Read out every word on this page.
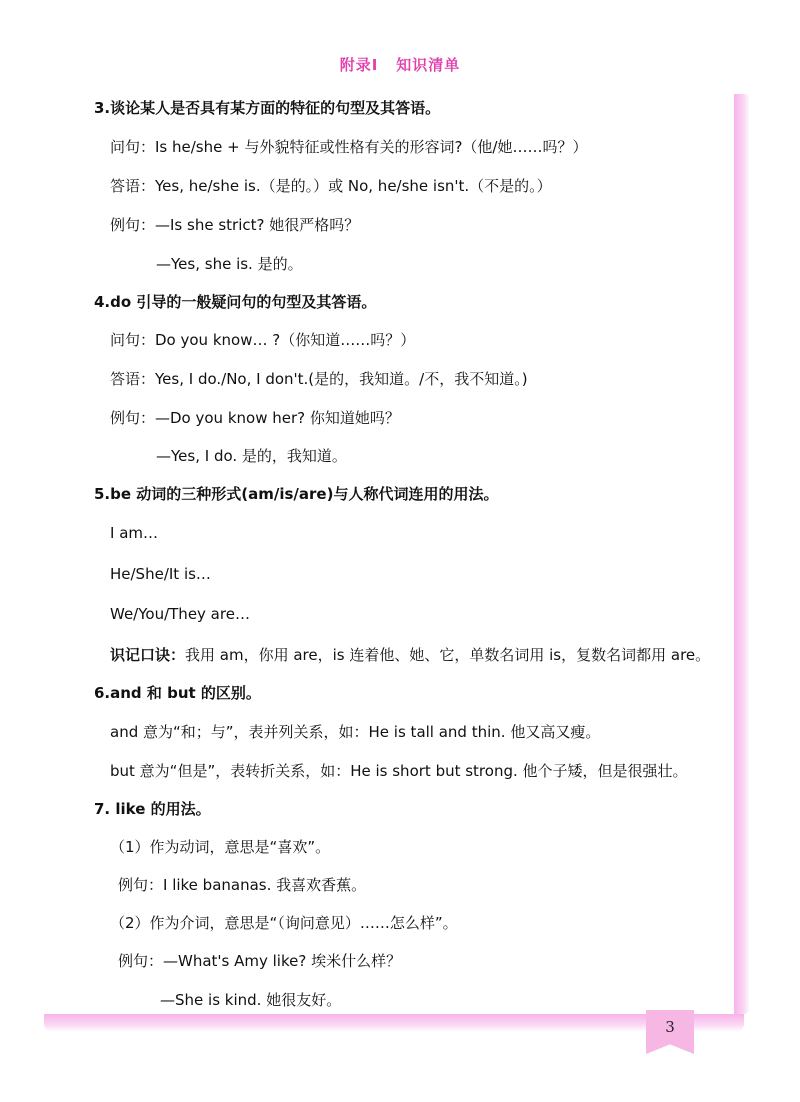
附录Ⅰ 知识清单
3.谈论某人是否具有某方面的特征的句型及其答语。
问句：Is he/she + 与外貌特征或性格有关的形容词?（他/她……吗？）
答语：Yes, he/she is.（是的。）或 No, he/she isn't.（不是的。）
例句：—Is she strict? 她很严格吗？
—Yes, she is. 是的。
4.do 引导的一般疑问句的句型及其答语。
问句：Do you know… ?（你知道……吗？）
答语：Yes, I do./No, I don't.(是的，我知道。/不，我不知道。)
例句：—Do you know her? 你知道她吗？
—Yes, I do. 是的，我知道。
5.be 动词的三种形式(am/is/are)与人称代词连用的用法。
I am…
He/She/It is…
We/You/They are…
识记口诀：我用 am，你用 are，is 连着他、她、它，单数名词用 is，复数名词都用 are。
6.and 和 but 的区别。
and 意为“和；与”，表并列关系，如：He is tall and thin. 他又高又瘦。
but 意为“但是”，表转折关系，如：He is short but strong. 他个子矮，但是很强壮。
7. like 的用法。
（1）作为动词，意思是“喜欢”。
例句：I like bananas. 我喜欢香蕉。
（2）作为介词，意思是“（询问意见）……怎么样”。
例句：—What's Amy like? 埃米什么样？
—She is kind. 她很友好。
3
